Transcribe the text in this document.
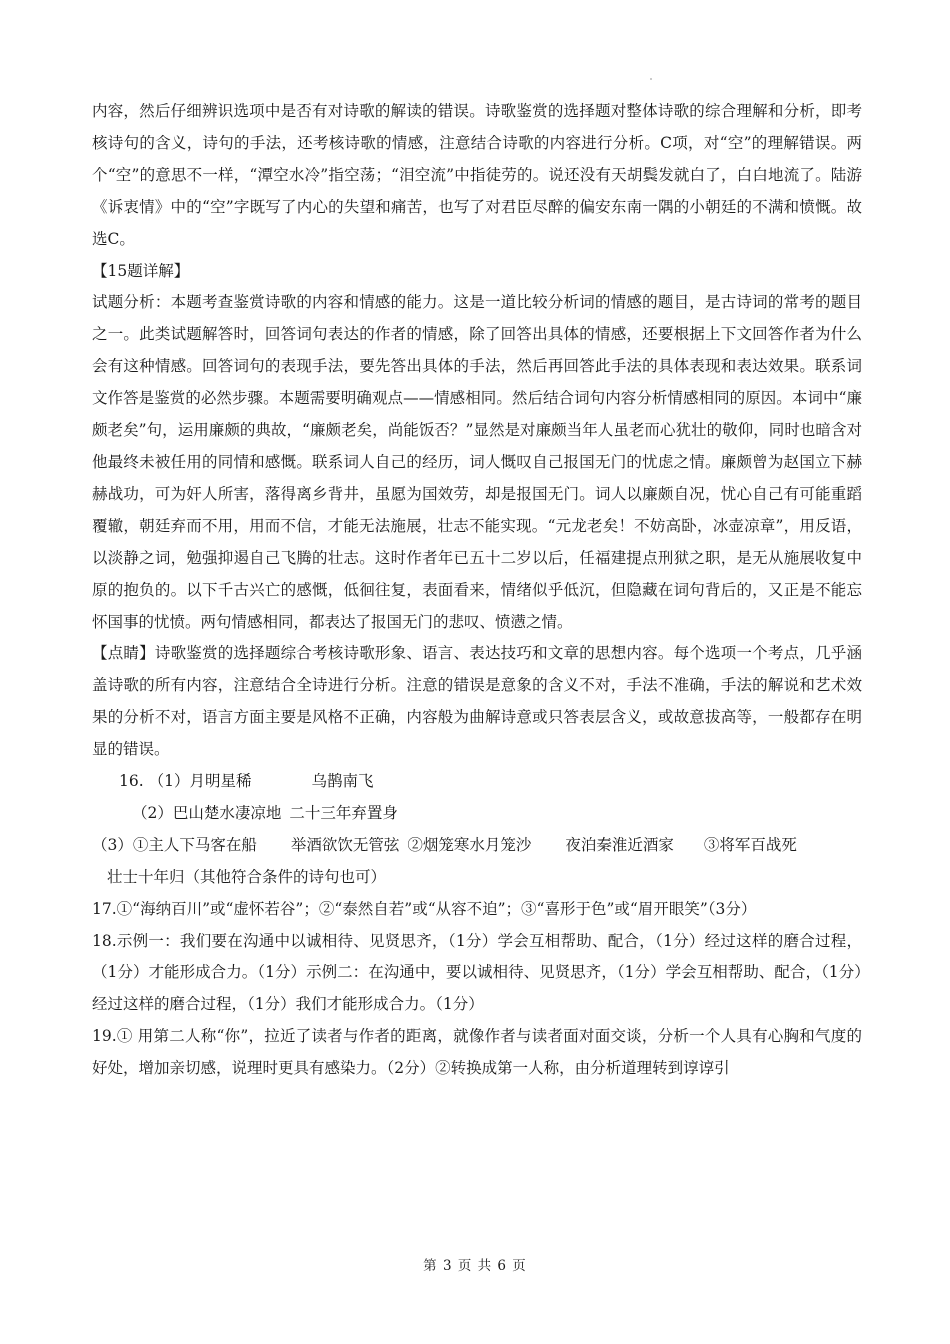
内容，然后仔细辨识选项中是否有对诗歌的解读的错误。诗歌鉴赏的选择题对整体诗歌的综合理解和分析，即考核诗句的含义，诗句的手法，还考核诗歌的情感，注意结合诗歌的内容进行分析。C项，对“空”的理解错误。两个“空”的意思不一样，“潭空水冷”指空荡；“泪空流”中指徒劳的。说还没有天胡鬓发就白了，白白地流了。陆游《诉衷情》中的“空”字既写了内心的失望和痛苦，也写了对君臣尽醉的偏安东南一隅的小朝廷的不满和愤慨。故选C。

【15题详解】

试题分析：本题考查鉴赏诗歌的内容和情感的能力。这是一道比较分析词的情感的题目，是古诗词的常考的题目之一。此类试题解答时，回答词句表达的作者的情感，除了回答出具体的情感，还要根据上下文回答作者为什么会有这种情感。回答词句的表现手法，要先答出具体的手法，然后再回答此手法的具体表现和表达效果。联系词文作答是鉴赏的必然步骤。本题需要明确观点——情感相同。然后结合词句内容分析情感相同的原因。本词中“廉颇老矣”句，运用廉颇的典故，“廉颇老矣，尚能饭否？”显然是对廉颇当年人虽老而心犹壮的敬仰，同时也暗含对他最终未被任用的同情和感慨。联系词人自己的经历，词人慨叹自己报国无门的忧虑之情。廉颇曾为赵国立下赫赫战功，可为奸人所害，落得离乡背井，虽愿为国效劳，却是报国无门。词人以廉颇自况，忧心自己有可能重蹈覆辙，朝廷弃而不用，用而不信，才能无法施展，壮志不能实现。“元龙老矣！不妨高卧，冰壶凉章”，用反语，以淡静之词，勉强抑遏自己飞腾的壮志。这时作者年已五十二岁以后，任福建提点刑狱之职，是无从施展收复中原的抱负的。以下千古兴亡的感慨，低徊往复，表面看来，情绪似乎低沉，但隐藏在词句背后的，又正是不能忘怀国事的忧愤。两句情感相同，都表达了报国无门的悲叹、愤懑之情。

【点睛】诗歌鉴赏的选择题综合考核诗歌形象、语言、表达技巧和文章的思想内容。每个选项一个考点，几乎涵盖诗歌的所有内容，注意结合全诗进行分析。注意的错误是意象的含义不对，手法不准确，手法的解说和艺术效果的分析不对，语言方面主要是风格不正确，内容般为曲解诗意或只答表层含义，或故意拔高等，一般都存在明显的错误。

16. （1）月明星稀	乌鹊南飞

（2）巴山楚水凄凉地 二十三年弃置身

（3）①主人下马客在船 举酒欲饮无管弦 ②烟笼寒水月笼沙 夜泊秦淮近酒家 ③将军百战死

壮士十年归（其他符合条件的诗句也可）

17.①“海纳百川”或“虚怀若谷”；②“泰然自若”或“从容不迫”；③“喜形于色”或“眉开眼笑”（3分）

18.示例一：我们要在沟通中以诚相待、见贤思齐，（1分）学会互相帮助、配合，（1分）经过这样的磨合过程，（1分）才能形成合力。（1分）示例二：在沟通中，要以诚相待、见贤思齐，（1分）学会互相帮助、配合，（1分）经过这样的磨合过程，（1分）我们才能形成合力。（1分）

19.① 用第二人称“你”，拉近了读者与作者的距离，就像作者与读者面对面交谈，分析一个人具有心胸和气度的好处，增加亲切感，说理时更具有感染力。（2分）②转换成第一人称，由分析道理转到谆谆引

第 3 页 共 6 页
